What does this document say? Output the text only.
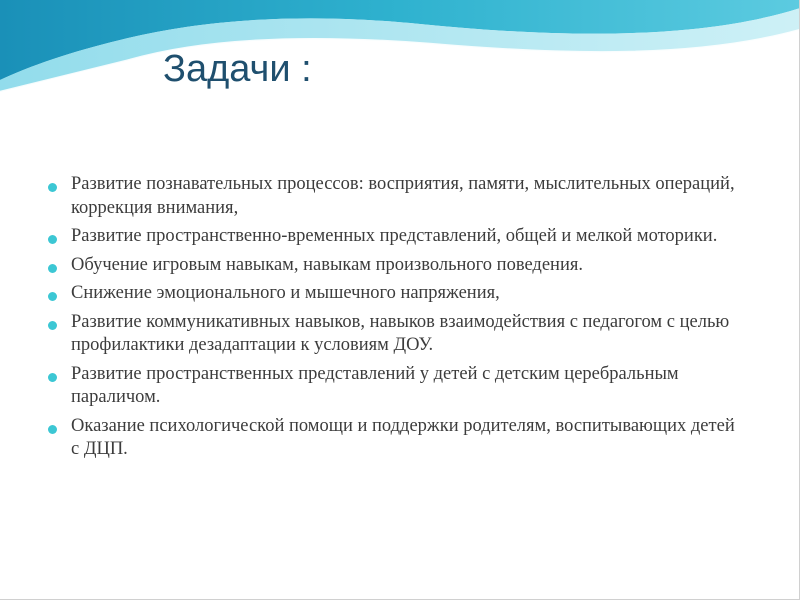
Задачи :
Развитие познавательных процессов: восприятия, памяти, мыслительных операций, коррекция внимания,
Развитие пространственно-временных представлений, общей и мелкой моторики.
Обучение игровым навыкам, навыкам произвольного поведения.
Снижение эмоционального и мышечного напряжения,
Развитие коммуникативных навыков, навыков взаимодействия с педагогом с целью профилактики дезадаптации к условиям ДОУ.
Развитие пространственных представлений у детей с детским церебральным параличом.
Оказание психологической помощи и поддержки родителям, воспитывающих детей с ДЦП.
